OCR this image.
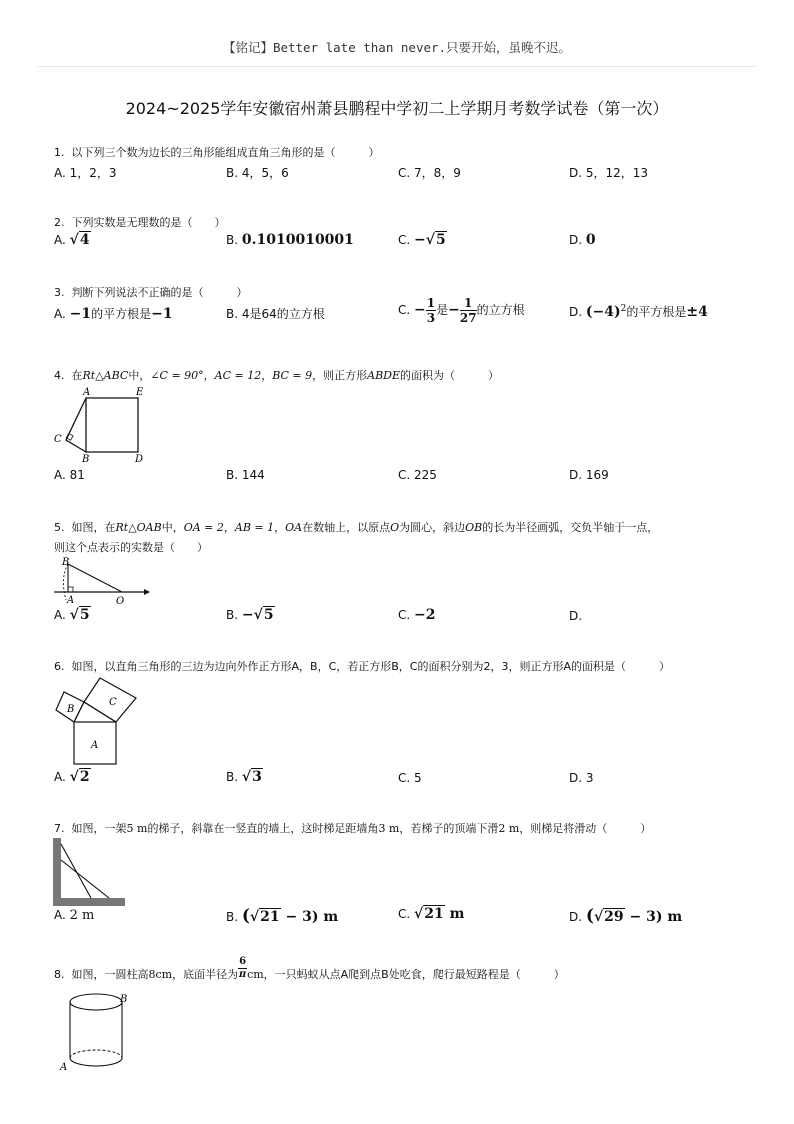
【铭记】Better late than never.只要开始，虽晚不迟。
2024~2025学年安徽宿州萧县鹏程中学初二上学期月考数学试卷（第一次）
1. 以下列三个数为边长的三角形能组成直角三角形的是（　　　）
A. 1，2，3	B. 4，5，6	C. 7，8，9	D. 5，12，13
2. 下列实数是无理数的是（　　）
A. √4	B. 0.1010010001	C. −√5	D. 0
3. 判断下列说法不正确的是（　　　）
A. −1的平方根是−1	B. 4是64的立方根	C. − $\frac{1}{3}$ 是− $\frac{1}{27}$ 的立方根	D. $(-4)^2$的平方根是±4
4. 在Rt△ABC中，∠C = 90°，AC = 12，BC = 9，则正方形ABDE的面积为（　　　）
A	E
C
B	D
A. 81	B. 144	C. 225	D. 169
5. 如图，在Rt△OAB中，OA = 2，AB = 1，OA在数轴上，以原点O为圆心，斜边OB的长为半径画弧，交负半轴于一点，
则这个点表示的实数是（　　）
B
A	O
A. √5	B. −√5	C. −2	D.
6. 如图，以直角三角形的三边为边向外作正方形A，B，C，若正方形B，C的面积分别为2，3，则正方形A的面积是（　　　）
A
B
C
A. √2	B. √3	C. 5	D. 3
7. 如图，一架5 m的梯子，斜靠在一竖直的墙上，这时梯足距墙角3 m，若梯子的顶端下滑2 m，则梯足将滑动（　　　）
A. 2 m	B. (√21 − 3) m	C. √21 m	D. (√29 − 3) m
8. 如图，一圆柱高8cm，底面半径为 $\frac{6}{\pi}$ cm，一只蚂蚁从点A爬到点B处吃食，爬行最短路程是（　　　）
B
A
